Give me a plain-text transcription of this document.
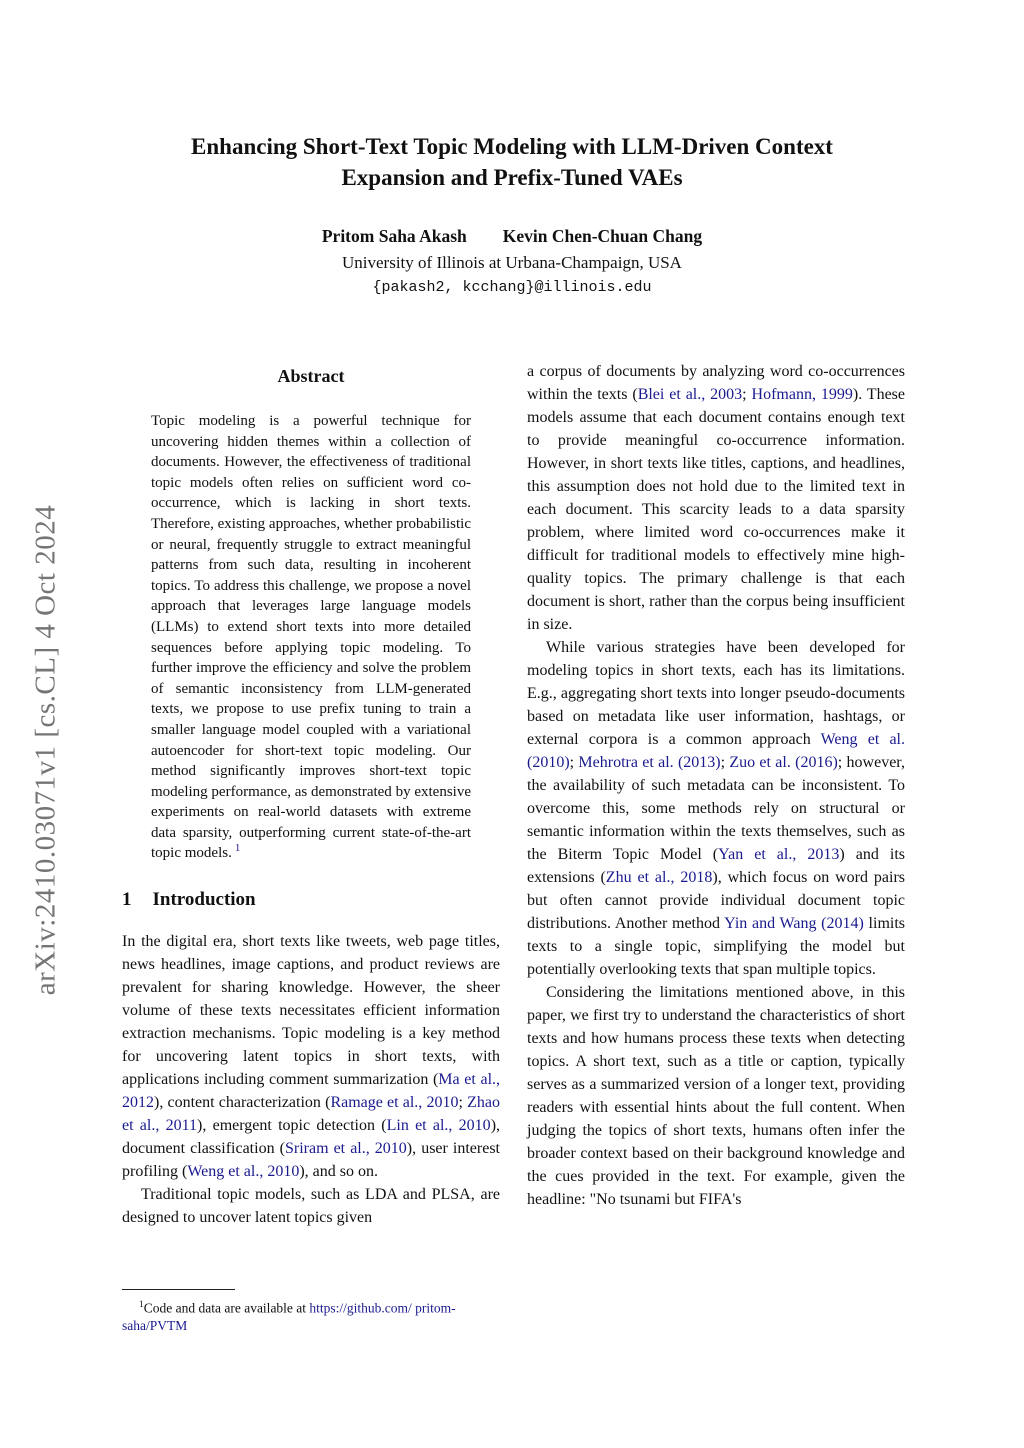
arXiv:2410.03071v1 [cs.CL] 4 Oct 2024
Enhancing Short-Text Topic Modeling with LLM-Driven Context
Expansion and Prefix-Tuned VAEs
Pritom Saha Akash Kevin Chen-Chuan Chang
University of Illinois at Urbana-Champaign, USA
{pakash2, kcchang}@illinois.edu
Abstract

Topic modeling is a powerful technique for uncovering hidden themes within a collection of documents. However, the effectiveness of traditional topic models often relies on sufficient word co-occurrence, which is lacking in short texts. Therefore, existing approaches, whether probabilistic or neural, frequently struggle to extract meaningful patterns from such data, resulting in incoherent topics. To address this challenge, we propose a novel approach that leverages large language models (LLMs) to extend short texts into more detailed sequences before applying topic modeling. To further improve the efficiency and solve the problem of semantic inconsistency from LLM-generated texts, we propose to use prefix tuning to train a smaller language model coupled with a variational autoencoder for short-text topic modeling. Our method significantly improves short-text topic modeling performance, as demonstrated by extensive experiments on real-world datasets with extreme data sparsity, outperforming current state-of-the-art topic models. $^1$

1 Introduction

In the digital era, short texts like tweets, web page titles, news headlines, image captions, and product reviews are prevalent for sharing knowledge. However, the sheer volume of these texts necessitates efficient information extraction mechanisms. Topic modeling is a key method for uncovering latent topics in short texts, with applications including comment summarization (Ma et al., 2012), content characterization (Ramage et al., 2010; Zhao et al., 2011), emergent topic detection (Lin et al., 2010), document classification (Sriram et al., 2010), user interest profiling (Weng et al., 2010), and so on.

Traditional topic models, such as LDA and PLSA, are designed to uncover latent topics given

a corpus of documents by analyzing word co-occurrences within the texts (Blei et al., 2003; Hofmann, 1999). These models assume that each document contains enough text to provide meaningful co-occurrence information. However, in short texts like titles, captions, and headlines, this assumption does not hold due to the limited text in each document. This scarcity leads to a data sparsity problem, where limited word co-occurrences make it difficult for traditional models to effectively mine high-quality topics. The primary challenge is that each document is short, rather than the corpus being insufficient in size.

While various strategies have been developed for modeling topics in short texts, each has its limitations. E.g., aggregating short texts into longer pseudo-documents based on metadata like user information, hashtags, or external corpora is a common approach Weng et al. (2010); Mehrotra et al. (2013); Zuo et al. (2016); however, the availability of such metadata can be inconsistent. To overcome this, some methods rely on structural or semantic information within the texts themselves, such as the Biterm Topic Model (Yan et al., 2013) and its extensions (Zhu et al., 2018), which focus on word pairs but often cannot provide individual document topic distributions. Another method Yin and Wang (2014) limits texts to a single topic, simplifying the model but potentially overlooking texts that span multiple topics.

Considering the limitations mentioned above, in this paper, we first try to understand the characteristics of short texts and how humans process these texts when detecting topics. A short text, such as a title or caption, typically serves as a summarized version of a longer text, providing readers with essential hints about the full content. When judging the topics of short texts, humans often infer the broader context based on their background knowledge and the cues provided in the text. For example, given the headline: "No tsunami but FIFA's

$^1$Code and data are available at https://github.com/ pritom-saha/PVTM
